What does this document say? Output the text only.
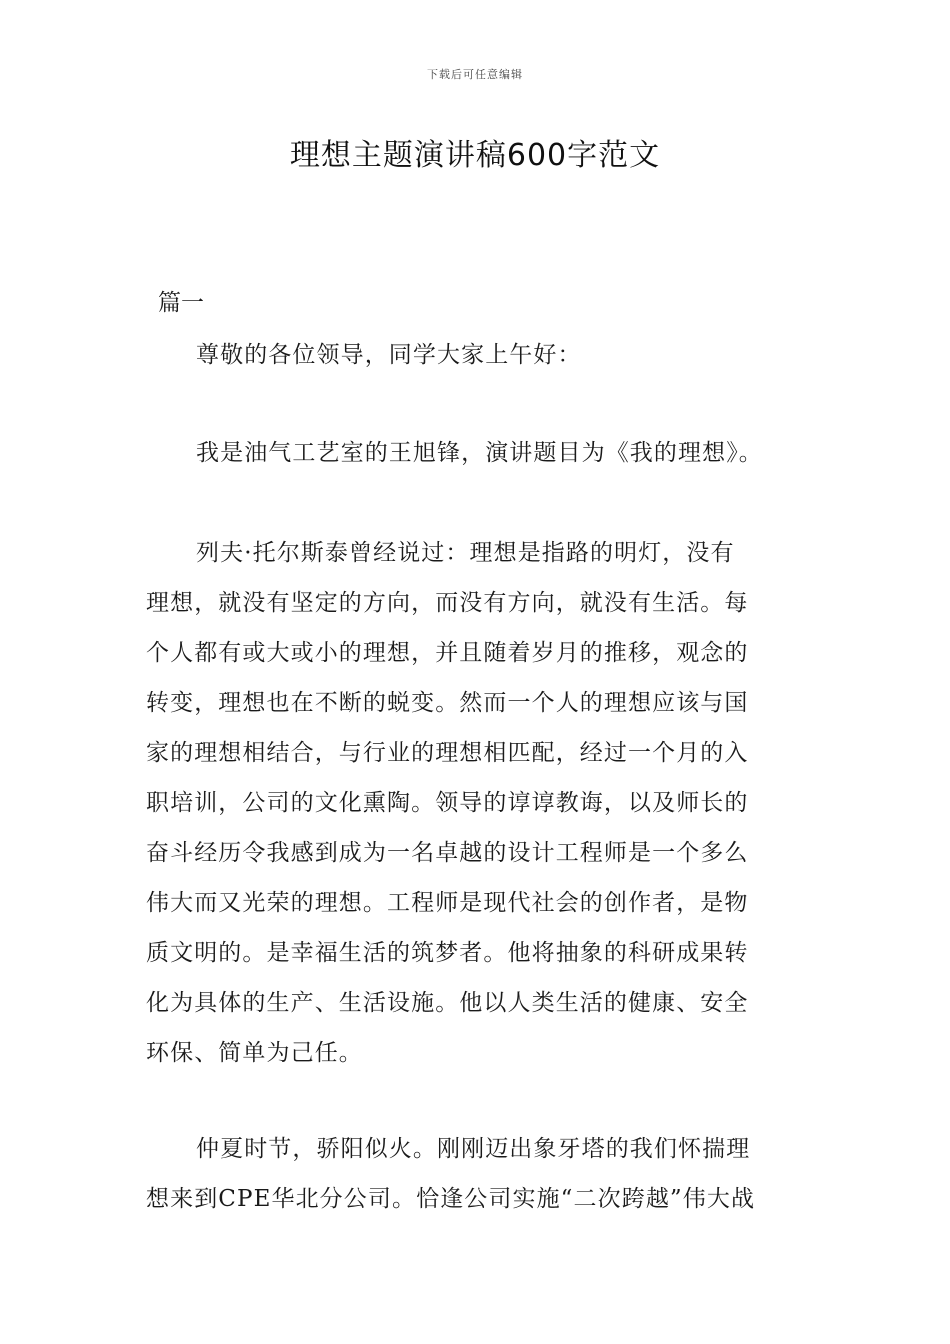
下载后可任意编辑
理想主题演讲稿600字范文
篇一
尊敬的各位领导，同学大家上午好：
我是油气工艺室的王旭锋，演讲题目为《我的理想》。
列夫·托尔斯泰曾经说过：理想是指路的明灯，没有
理想，就没有坚定的方向，而没有方向，就没有生活。每
个人都有或大或小的理想，并且随着岁月的推移，观念的
转变，理想也在不断的蜕变。然而一个人的理想应该与国
家的理想相结合，与行业的理想相匹配，经过一个月的入
职培训，公司的文化熏陶。领导的谆谆教诲，以及师长的
奋斗经历令我感到成为一名卓越的设计工程师是一个多么
伟大而又光荣的理想。工程师是现代社会的创作者，是物
质文明的。是幸福生活的筑梦者。他将抽象的科研成果转
化为具体的生产、生活设施。他以人类生活的健康、安全
环保、简单为己任。
仲夏时节，骄阳似火。刚刚迈出象牙塔的我们怀揣理
想来到CPE华北分公司。恰逢公司实施“二次跨越”伟大战
